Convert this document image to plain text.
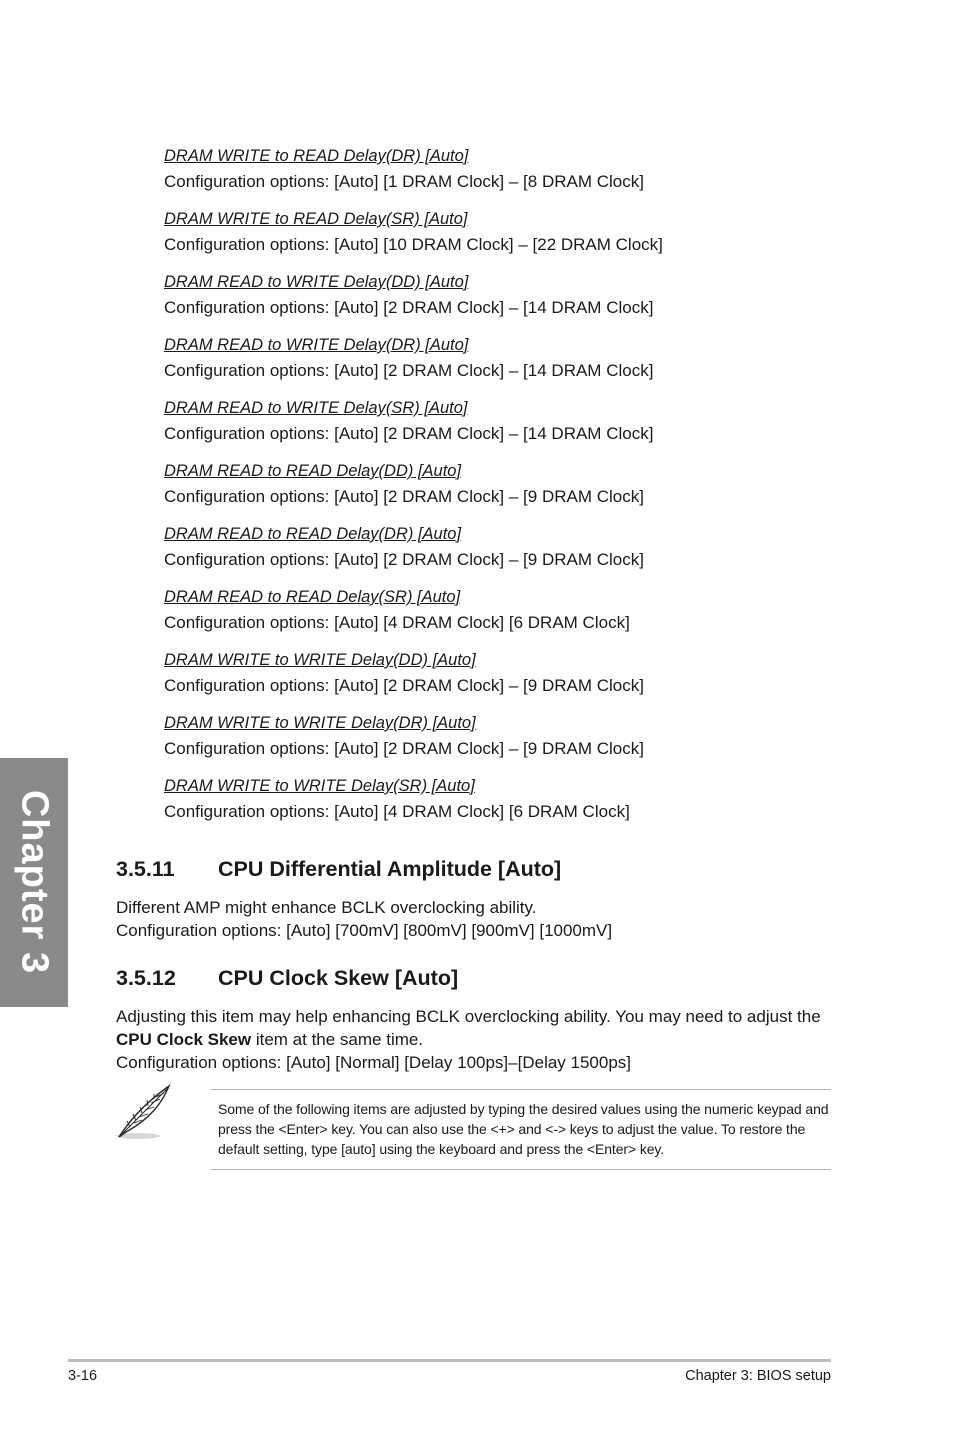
DRAM WRITE to READ Delay(DR) [Auto]
Configuration options: [Auto] [1 DRAM Clock] – [8 DRAM Clock]
DRAM WRITE to READ Delay(SR) [Auto]
Configuration options: [Auto] [10 DRAM Clock] – [22 DRAM Clock]
DRAM READ to WRITE Delay(DD) [Auto]
Configuration options: [Auto] [2 DRAM Clock] – [14 DRAM Clock]
DRAM READ to WRITE Delay(DR) [Auto]
Configuration options: [Auto] [2 DRAM Clock] – [14 DRAM Clock]
DRAM READ to WRITE Delay(SR) [Auto]
Configuration options: [Auto] [2 DRAM Clock] – [14 DRAM Clock]
DRAM READ to READ Delay(DD) [Auto]
Configuration options: [Auto] [2 DRAM Clock] – [9 DRAM Clock]
DRAM READ to READ Delay(DR) [Auto]
Configuration options: [Auto] [2 DRAM Clock] – [9 DRAM Clock]
DRAM READ to READ Delay(SR) [Auto]
Configuration options: [Auto] [4 DRAM Clock] [6 DRAM Clock]
DRAM WRITE to WRITE Delay(DD) [Auto]
Configuration options: [Auto] [2 DRAM Clock] – [9 DRAM Clock]
DRAM WRITE to WRITE Delay(DR) [Auto]
Configuration options: [Auto] [2 DRAM Clock] – [9 DRAM Clock]
DRAM WRITE to WRITE Delay(SR) [Auto]
Configuration options: [Auto] [4 DRAM Clock] [6 DRAM Clock]
3.5.11 CPU Differential Amplitude [Auto]

Different AMP might enhance BCLK overclocking ability.

Configuration options: [Auto] [700mV] [800mV] [900mV] [1000mV]

3.5.12 CPU Clock Skew [Auto]

Adjusting this item may help enhancing BCLK overclocking ability. You may need to adjust the CPU Clock Skew item at the same time.

Configuration options: [Auto] [Normal] [Delay 100ps]–[Delay 1500ps]

Some of the following items are adjusted by typing the desired values using the numeric keypad and press the <Enter> key. You can also use the <+> and <-> keys to adjust the value. To restore the default setting, type [auto] using the keyboard and press the <Enter> key.
Chapter 3
3-16	Chapter 3: BIOS setup
